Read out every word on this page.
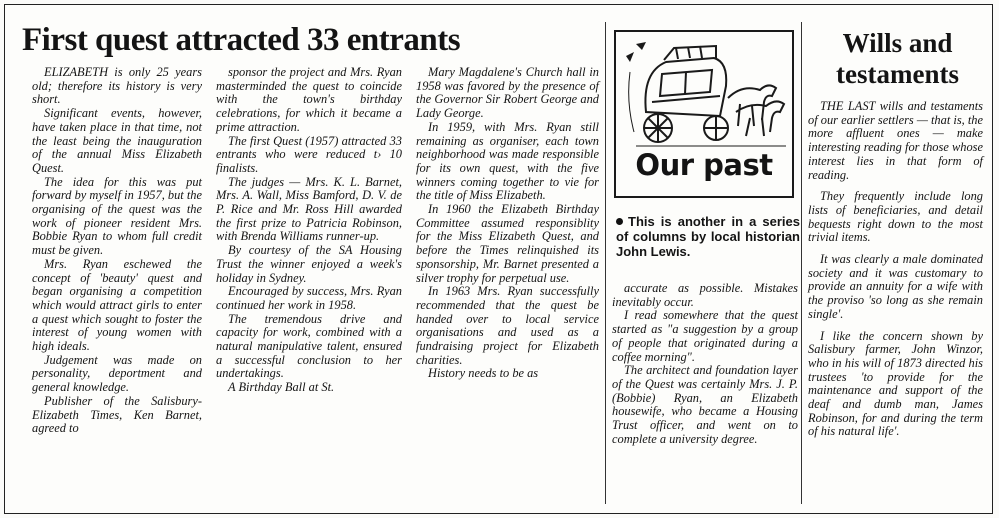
First quest attracted 33 entrants

ELIZABETH is only 25 years old; therefore its history is very short.

Significant events, however, have taken place in that time, not the least being the inauguration of the annual Miss Elizabeth Quest.

The idea for this was put forward by myself in 1957, but the organising of the quest was the work of pioneer resident Mrs. Bobbie Ryan to whom full credit must be given.

Mrs. Ryan eschewed the concept of 'beauty' quest and began organising a competition which would attract girls to enter a quest which sought to foster the interest of young women with high ideals.

Judgement was made on personality, deportment and general knowledge.

Publisher of the Salisbury-Elizabeth Times, Ken Barnet, agreed to

sponsor the project and Mrs. Ryan masterminded the quest to coincide with the town's birthday celebrations, for which it became a prime attraction.

The first Quest (1957) attracted 33 entrants who were reduced t› 10 finalists.

The judges — Mrs. K. L. Barnet, Mrs. A. Wall, Miss Bamford, D. V. de P. Rice and Mr. Ross Hill awarded the first prize to Patricia Robinson, with Brenda Williams runner-up.

By courtesy of the SA Housing Trust the winner enjoyed a week's holiday in Sydney.

Encouraged by success, Mrs. Ryan continued her work in 1958.

The tremendous drive and capacity for work, combined with a natural manipulative talent, ensured a successful conclusion to her undertakings.

A Birthday Ball at St.

Mary Magdalene's Church hall in 1958 was favored by the presence of the Governor Sir Robert George and Lady George.

In 1959, with Mrs. Ryan still remaining as organiser, each town neighborhood was made responsible for its own quest, with the five winners coming together to vie for the title of Miss Elizabeth.

In 1960 the Elizabeth Birthday Committee assumed responsiblity for the Miss Elizabeth Quest, and before the Times relinquished its sponsorship, Mr. Barnet presented a silver trophy for perpetual use.

In 1963 Mrs. Ryan successfully recommended that the quest be handed over to local service organisations and used as a fundraising project for Elizabeth charities.

History needs to be as

Our past
This is another in a series of columns by local historian John Lewis.

accurate as possible. Mistakes inevitably occur.

I read somewhere that the quest started as "a suggestion by a group of people that originated during a coffee morning".

The architect and foundation layer of the Quest was certainly Mrs. J. P. (Bobbie) Ryan, an Elizabeth housewife, who became a Housing Trust officer, and went on to complete a university degree.

Wills and testaments

THE LAST wills and testaments of our earlier settlers — that is, the more affluent ones — make interesting reading for those whose interest lies in that form of reading.

They frequently include long lists of beneficiaries, and detail bequests right down to the most trivial items.

It was clearly a male dominated society and it was customary to provide an annuity for a wife with the proviso 'so long as she remain single'.

I like the concern shown by Salisbury farmer, John Winzor, who in his will of 1873 directed his trustees 'to provide for the maintenance and support of the deaf and dumb man, James Robinson, for and during the term of his natural life'.
